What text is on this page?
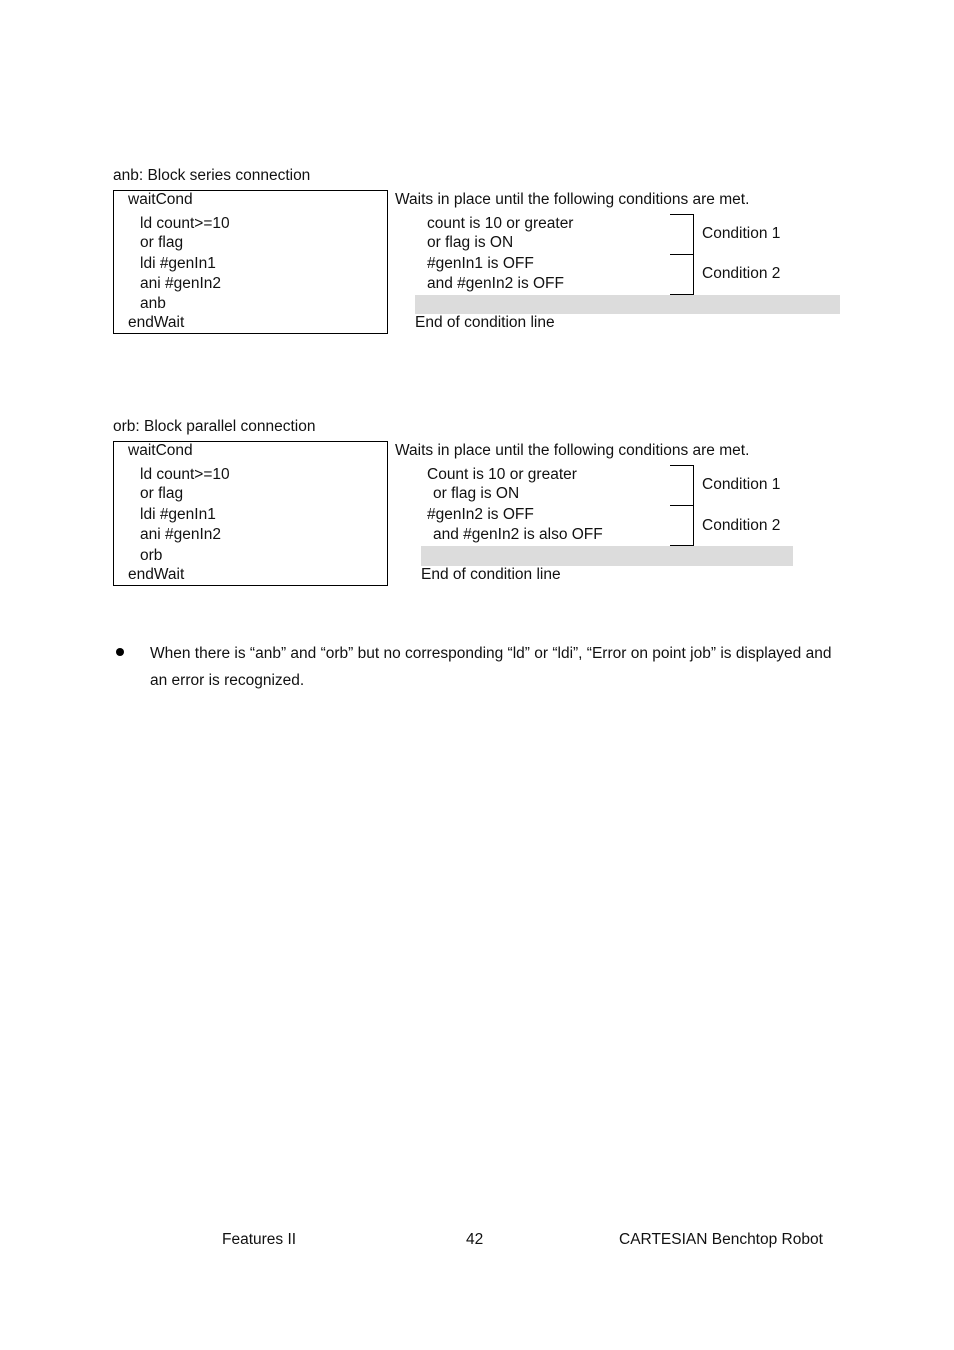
anb: Block series connection
waitCond
ld count>=10
or flag
ldi #genIn1
ani #genIn2
anb
endWait
Waits in place until the following conditions are met.
count is 10 or greater
or flag is ON
#genIn1 is OFF
and #genIn2 is OFF
Condition 1
Condition 2
End of condition line
orb: Block parallel connection
waitCond
ld count>=10
or flag
ldi #genIn1
ani #genIn2
orb
endWait
Waits in place until the following conditions are met.
Count is 10 or greater
or flag is ON
#genIn2 is OFF
and #genIn2 is also OFF
Condition 1
Condition 2
End of condition line
When there is “anb” and “orb” but no corresponding “ld” or “ldi”, “Error on point job” is displayed and an error is recognized.
Features II	42	CARTESIAN Benchtop Robot
